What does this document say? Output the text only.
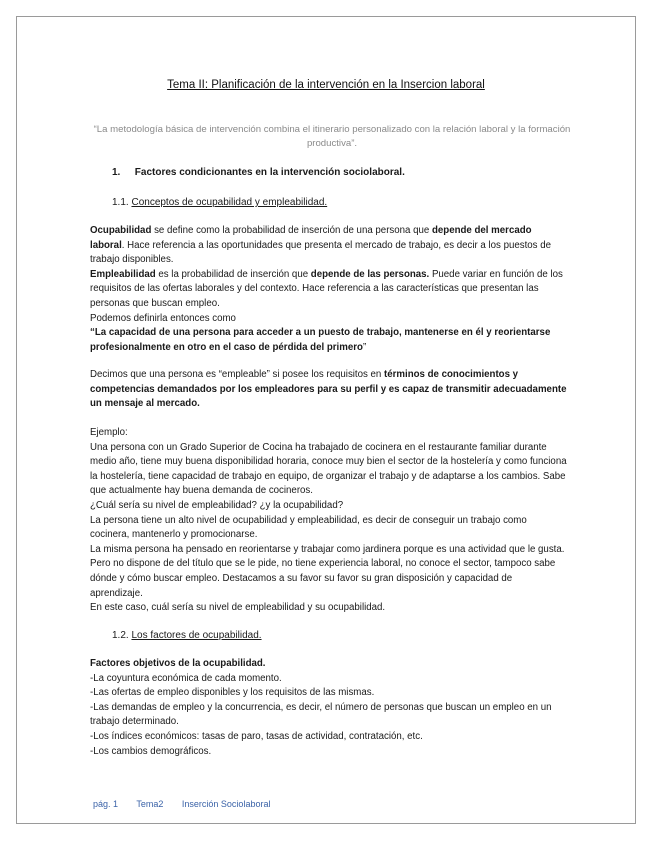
Tema II: Planificación de la intervención en la Insercion laboral
“La metodología básica de intervención combina el itinerario personalizado con la relación laboral y la formación productiva”.
1. Factores condicionantes en la intervención sociolaboral.
1.1. Conceptos de ocupabilidad y empleabilidad.

Ocupabilidad se define como la probabilidad de inserción de una persona que depende del mercado laboral. Hace referencia a las oportunidades que presenta el mercado de trabajo, es decir a los puestos de trabajo disponibles.

Empleabilidad es la probabilidad de inserción que depende de las personas. Puede variar en función de los requisitos de las ofertas laborales y del contexto. Hace referencia a las características que presentan las personas que buscan empleo.

Podemos definirla entonces como

“La capacidad de una persona para acceder a un puesto de trabajo, mantenerse en él y reorientarse profesionalmente en otro en el caso de pérdida del primero”

Decimos que una persona es “empleable” si posee los requisitos en términos de conocimientos y competencias demandados por los empleadores para su perfil y es capaz de transmitir adecuadamente un mensaje al mercado.

Ejemplo:

Una persona con un Grado Superior de Cocina ha trabajado de cocinera en el restaurante familiar durante medio año, tiene muy buena disponibilidad horaria, conoce muy bien el sector de la hostelería y como funciona la hostelería, tiene capacidad de trabajo en equipo, de organizar el trabajo y de adaptarse a los cambios. Sabe que actualmente hay buena demanda de cocineros.

¿Cuál sería su nivel de empleabilidad? ¿y la ocupabilidad?

La persona tiene un alto nivel de ocupabilidad y empleabilidad, es decir de conseguir un trabajo como cocinera, mantenerlo y promocionarse.

La misma persona ha pensado en reorientarse y trabajar como jardinera porque es una actividad que le gusta. Pero no dispone de del título que se le pide, no tiene experiencia laboral, no conoce el sector, tampoco sabe dónde y cómo buscar empleo. Destacamos a su favor su favor su gran disposición y capacidad de aprendizaje.

En este caso, cuál sería su nivel de empleabilidad y su ocupabilidad.

1.2. Los factores de ocupabilidad.

Factores objetivos de la ocupabilidad.

-La coyuntura económica de cada momento.

-Las ofertas de empleo disponibles y los requisitos de las mismas.

-Las demandas de empleo y la concurrencia, es decir, el número de personas que buscan un empleo en un trabajo determinado.

-Los índices económicos: tasas de paro, tasas de actividad, contratación, etc.

-Los cambios demográficos.

pág. 1 Tema2 Inserción Sociolaboral
